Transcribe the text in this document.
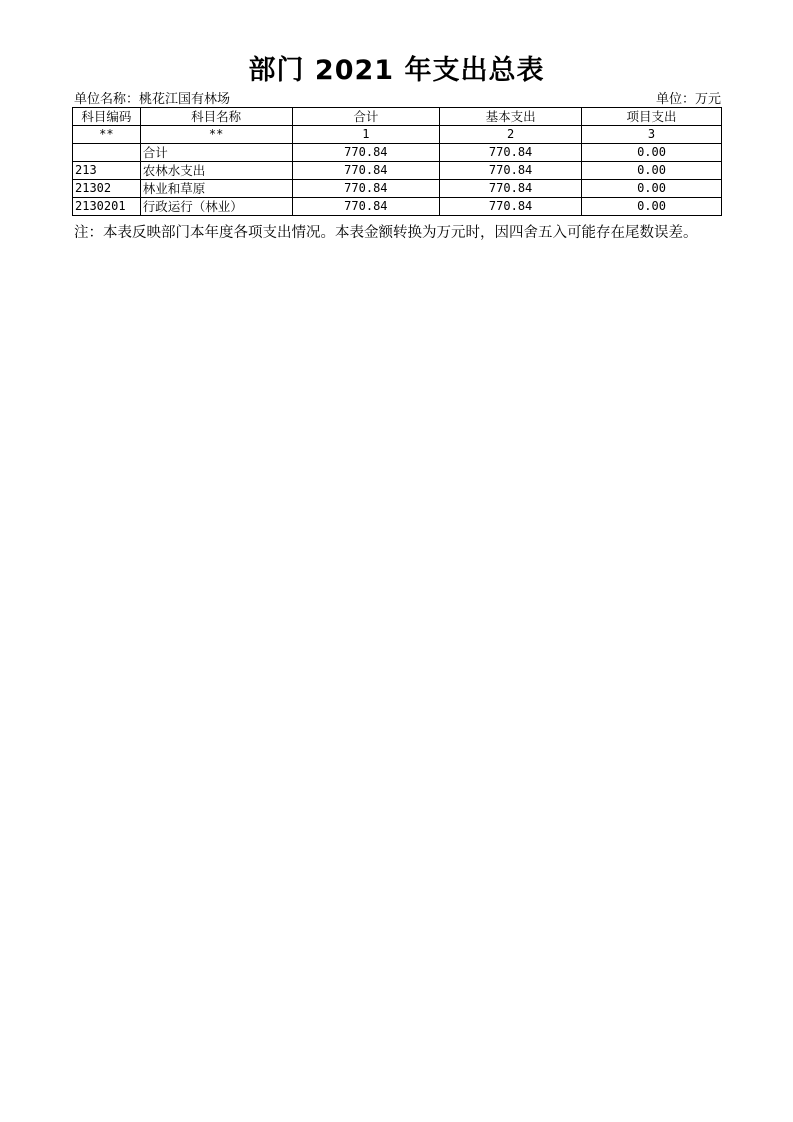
部门 2021 年支出总表
单位名称：桃花江国有林场	单位：万元
科目编码	科目名称	合计	基本支出	项目支出
**	**	1	2	3
	合计	770.84	770.84	0.00
213	农林水支出	770.84	770.84	0.00
21302	林业和草原	770.84	770.84	0.00
2130201	行政运行（林业）	770.84	770.84	0.00
注：本表反映部门本年度各项支出情况。本表金额转换为万元时，因四舍五入可能存在尾数误差。
